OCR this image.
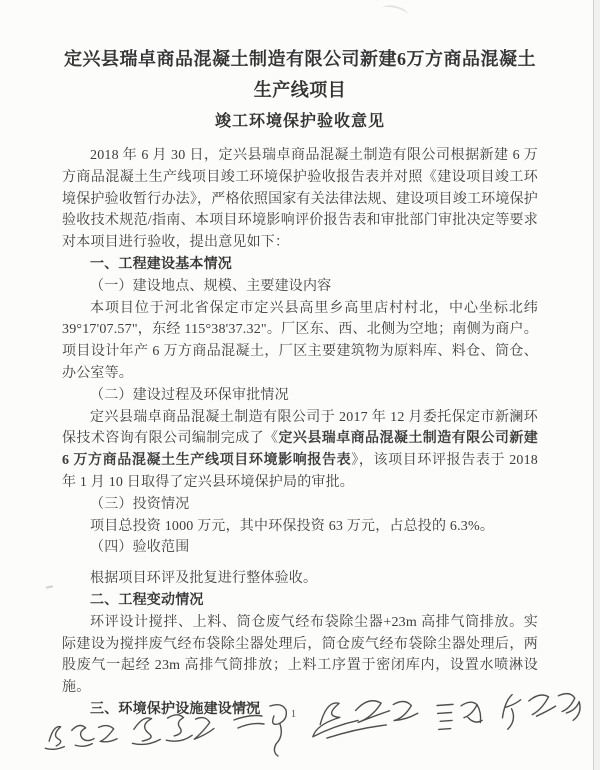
定兴县瑞卓商品混凝土制造有限公司新建6万方商品混凝土

生产线项目

竣工环境保护验收意见

2018 年 6 月 30 日，定兴县瑞卓商品混凝土制造有限公司根据新建 6 万方商品混凝土生产线项目竣工环境保护验收报告表并对照《建设项目竣工环境保护验收暂行办法》，严格依照国家有关法律法规、建设项目竣工环境保护验收技术规范/指南、本项目环境影响评价报告表和审批部门审批决定等要求对本项目进行验收，提出意见如下：

一、工程建设基本情况

（一）建设地点、规模、主要建设内容

本项目位于河北省保定市定兴县高里乡高里店村村北，中心坐标北纬 39°17'07.57"，东经 115°38'37.32"。厂区东、西、北侧为空地；南侧为商户。项目设计年产 6 万方商品混凝土，厂区主要建筑物为原料库、料仓、筒仓、办公室等。

（二）建设过程及环保审批情况

定兴县瑞卓商品混凝土制造有限公司于 2017 年 12 月委托保定市新澜环保技术咨询有限公司编制完成了《定兴县瑞卓商品混凝土制造有限公司新建 6 万方商品混凝土生产线项目环境影响报告表》，该项目环评报告表于 2018 年 1 月 10 日取得了定兴县环境保护局的审批。

（三）投资情况

项目总投资 1000 万元，其中环保投资 63 万元，占总投的 6.3%。

（四）验收范围

根据项目环评及批复进行整体验收。

二、工程变动情况

环评设计搅拌、上料、筒仓废气经布袋除尘器+23m 高排气筒排放。实际建设为搅拌废气经布袋除尘器处理后，筒仓废气经布袋除尘器处理后，两股废气一起经 23m 高排气筒排放；上料工序置于密闭库内，设置水喷淋设施。

三、环境保护设施建设情况	1
